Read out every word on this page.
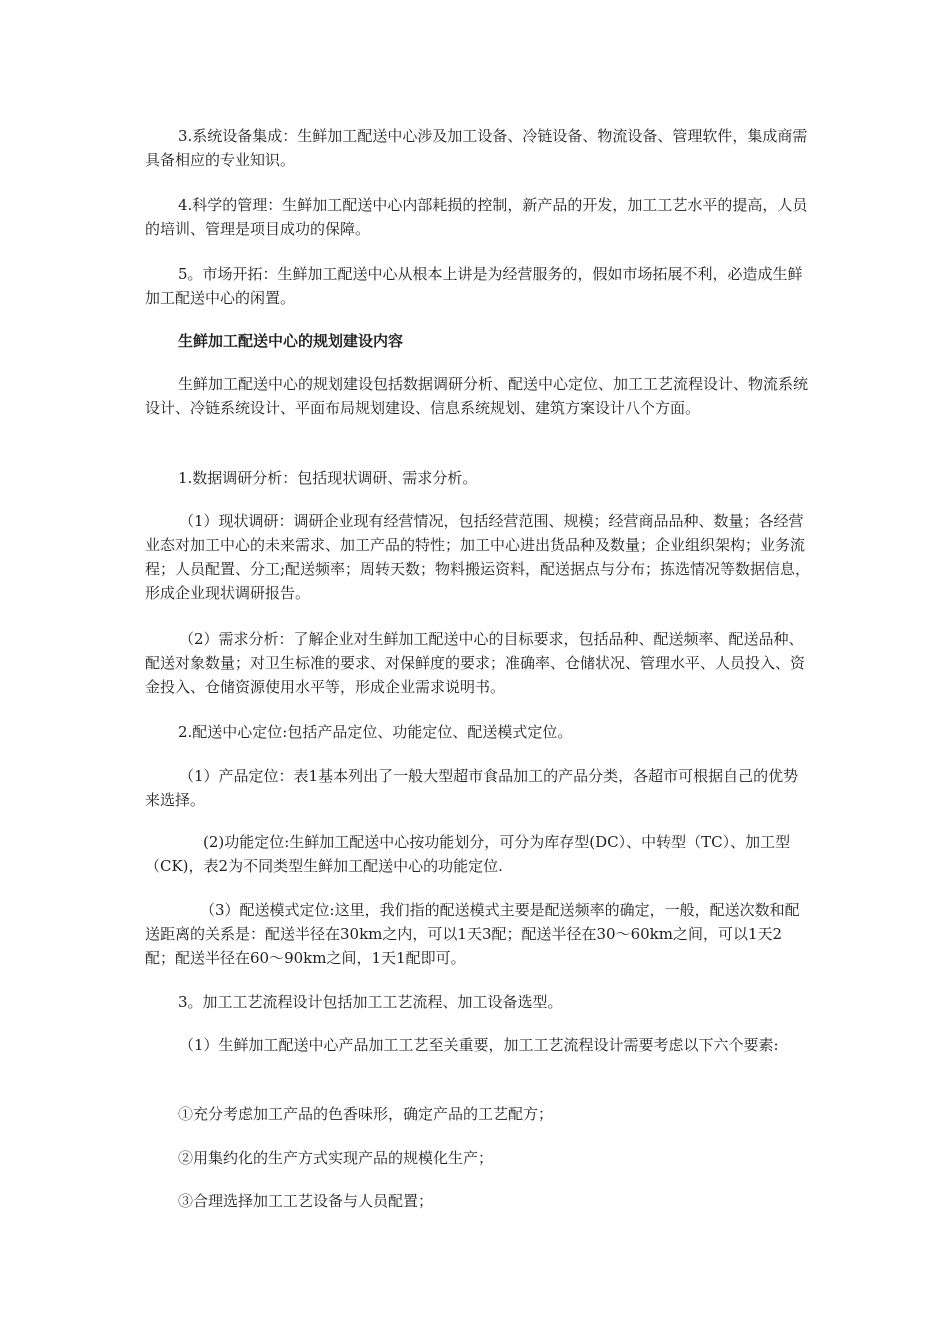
3.系统设备集成：生鲜加工配送中心涉及加工设备、冷链设备、物流设备、管理软件，集成商需具备相应的专业知识。

4.科学的管理：生鲜加工配送中心内部耗损的控制，新产品的开发，加工工艺水平的提高，人员的培训、管理是项目成功的保障。

5。市场开拓：生鲜加工配送中心从根本上讲是为经营服务的，假如市场拓展不利，必造成生鲜加工配送中心的闲置。

生鲜加工配送中心的规划建设内容

生鲜加工配送中心的规划建设包括数据调研分析、配送中心定位、加工工艺流程设计、物流系统设计、冷链系统设计、平面布局规划建设、信息系统规划、建筑方案设计八个方面。

1.数据调研分析：包括现状调研、需求分析。

（1）现状调研：调研企业现有经营情况，包括经营范围、规模；经营商品品种、数量；各经营业态对加工中心的未来需求、加工产品的特性；加工中心进出货品种及数量；企业组织架构；业务流程；人员配置、分工;配送频率；周转天数；物料搬运资料，配送据点与分布；拣选情况等数据信息，形成企业现状调研报告。

（2）需求分析：了解企业对生鲜加工配送中心的目标要求，包括品种、配送频率、配送品种、配送对象数量；对卫生标准的要求、对保鲜度的要求；准确率、仓储状况、管理水平、人员投入、资金投入、仓储资源使用水平等，形成企业需求说明书。

2.配送中心定位:包括产品定位、功能定位、配送模式定位。

（1）产品定位：表1基本列出了一般大型超市食品加工的产品分类，各超市可根据自己的优势来选择。

(2)功能定位:生鲜加工配送中心按功能划分，可分为库存型(DC）、中转型（TC）、加工型（CK)，表2为不同类型生鲜加工配送中心的功能定位.

（3）配送模式定位:这里，我们指的配送模式主要是配送频率的确定，一般，配送次数和配送距离的关系是：配送半径在30km之内，可以1天3配；配送半径在30～60km之间，可以1天2配；配送半径在60～90km之间，1天1配即可。

3。加工工艺流程设计包括加工工艺流程、加工设备选型。

（1）生鲜加工配送中心产品加工工艺至关重要，加工工艺流程设计需要考虑以下六个要素:

①充分考虑加工产品的色香味形，确定产品的工艺配方；

②用集约化的生产方式实现产品的规模化生产；

③合理选择加工工艺设备与人员配置；
